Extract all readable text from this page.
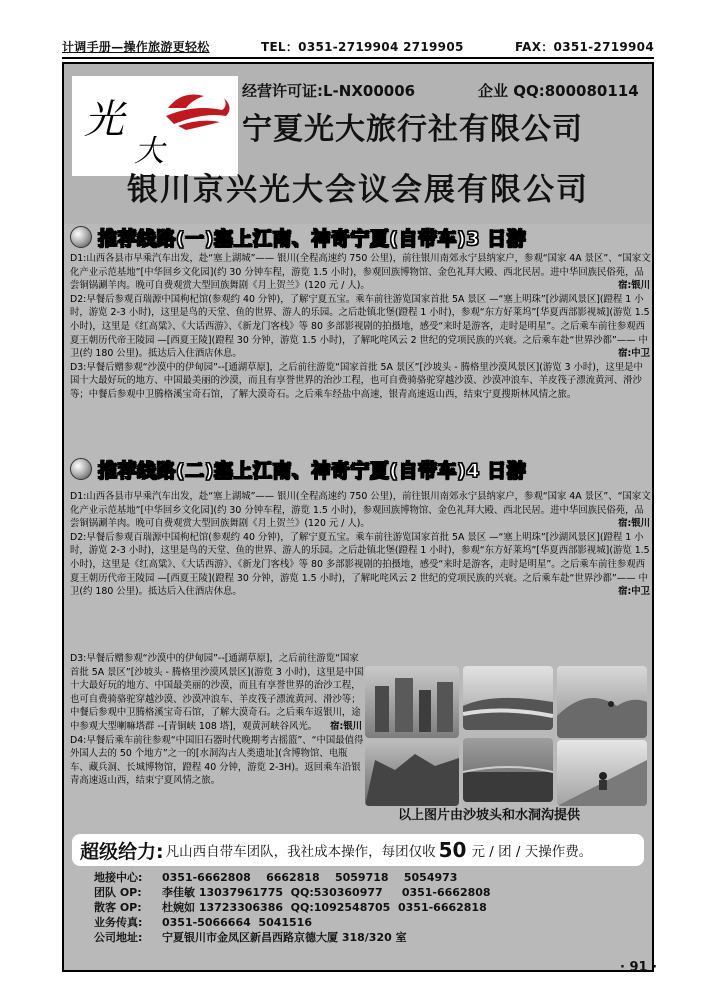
计调手册—操作旅游更轻松	TEL：0351-2719904 2719905	FAX：0351-2719904
光
大
经营许可证:L-NX00006	企业 QQ:800080114
宁夏光大旅行社有限公司
银川京兴光大会议会展有限公司
推荐线路(一)塞上江南、神奇宁夏(自带车)3 日游
D1:山西各县市早乘汽车出发，赴“塞上湖城”—— 银川(全程高速约 750 公里)，前往银川南郊永宁县纳家户，参观“国家 4A 景区”、“国家文化产业示范基地”[中华回乡文化园](约 30 分钟车程，游览 1.5 小时)，参观回族博物馆、金色礼拜大殿、西北民居。进中华回族民俗苑，品尝铜锅涮羊肉。晚可自费观赏大型回族舞剧《月上贺兰》(120 元 / 人)。	宿:银川
D2:早餐后参观百瑞源中国枸杞馆(参观约 40 分钟)，了解宁夏五宝。乘车前往游览国家首批 5A 景区 —“塞上明珠”[沙湖风景区](蹬程 1 小时，游览 2-3 小时)，这里是鸟的天堂、鱼的世界、游人的乐园。之后赴镇北堡(蹬程 1 小时)，参观“东方好莱坞”[华夏西部影视城](游览 1.5 小时)，这里是《红高粱》、《大话西游》、《新龙门客栈》等 80 多部影视剧的拍摄地，感受“来时是游客，走时是明星”。之后乘车前往参观西夏王朝历代帝王陵园 —[西夏王陵](蹬程 30 分钟，游览 1.5 小时)，了解叱咤风云 2 世纪的党项民族的兴衰。之后乘车赴“世界沙都”—— 中卫(约 180 公里)。抵达后入住酒店休息。	宿:中卫
D3:早餐后赠参观“沙漠中的伊甸园”--[通湖草原]，之后前往游览“国家首批 5A 景区”[沙坡头 - 腾格里沙漠风景区](游览 3 小时)，这里是中国十大最好玩的地方、中国最美丽的沙漠，而且有享誉世界的治沙工程，也可自费骑骆驼穿越沙漠、沙漠冲浪车、羊皮筏子漂流黄河、滑沙等；中餐后参观中卫腾格溪宝奇石馆，了解大漠奇石。之后乘车经盐中高速，银青高速返山西，结束宁夏搜斯林风情之旅。
推荐线路(二)塞上江南、神奇宁夏(自带车)4 日游
D1:山西各县市早乘汽车出发，赴“塞上湖城”—— 银川(全程高速约 750 公里)，前往银川南郊永宁县纳家户，参观“国家 4A 景区”、“国家文化产业示范基地”[中华回乡文化园](约 30 分钟车程，游览 1.5 小时)，参观回族博物馆、金色礼拜大殿、西北民居。进中华回族民俗苑，品尝铜锅涮羊肉。晚可自费观赏大型回族舞剧《月上贺兰》(120 元 / 人)。	宿:银川
D2:早餐后参观百瑞源中国枸杞馆(参观约 40 分钟)，了解宁夏五宝。乘车前往游览国家首批 5A 景区 —“塞上明珠”[沙湖风景区](蹬程 1 小时，游览 2-3 小时)，这里是鸟的天堂、鱼的世界、游人的乐园。之后赴镇北堡(蹬程 1 小时)，参观“东方好莱坞”[华夏西部影视城](游览 1.5 小时)，这里是《红高粱》、《大话西游》、《新龙门客栈》等 80 多部影视剧的拍摄地，感受“来时是游客，走时是明星”。之后乘车前往参观西夏王朝历代帝王陵园 —[西夏王陵](蹬程 30 分钟，游览 1.5 小时)，了解叱咤风云 2 世纪的党项民族的兴衰。之后乘车赴“世界沙都”—— 中卫(约 180 公里)。抵达后入住酒店休息。	宿:中卫
D3:早餐后赠参观“沙漠中的伊甸园”--[通湖草原]，之后前往游览“国家首批 5A 景区”[沙坡头 - 腾格里沙漠风景区](游览 3 小时)，这里是中国十大最好玩的地方、中国最美丽的沙漠，而且有享誉世界的治沙工程，也可自费骑骆驼穿越沙漠、沙漠冲浪车、羊皮筏子漂流黄河、滑沙等；中餐后参观中卫腾格溪宝奇石馆，了解大漠奇石。之后乘车返银川，途中参观大型喇嘛塔群 --[青铜峡 108 塔]，观黄河峡谷风光。	宿:银川
D4:早餐后乘车前往参观“中国旧石器时代晚期考古摇篮”、“中国最值得外国人去的 50 个地方”之一的[水洞沟古人类遗址](含博物馆、电瓶车、藏兵洞、长城博物馆，蹬程 40 分钟，游览 2-3H)。返回乘车沿银青高速返山西，结束宁夏风情之旅。
以上图片由沙坡头和水洞沟提供
超级给力: 凡山西自带车团队，我社成本操作，每团仅收 50 元 / 团 / 天操作费。
地接中心:	0351-6662808    6662818    5059718    5054973
团队 OP:	李佳敏 13037961775  QQ:530360977     0351-6662808
散客 OP:	杜婉如 13723306386  QQ:1092548705  0351-6662818
业务传真:	0351-5066664  5041516
公司地址:	宁夏银川市金凤区新昌西路京德大厦 318/320 室
· 91 ·
